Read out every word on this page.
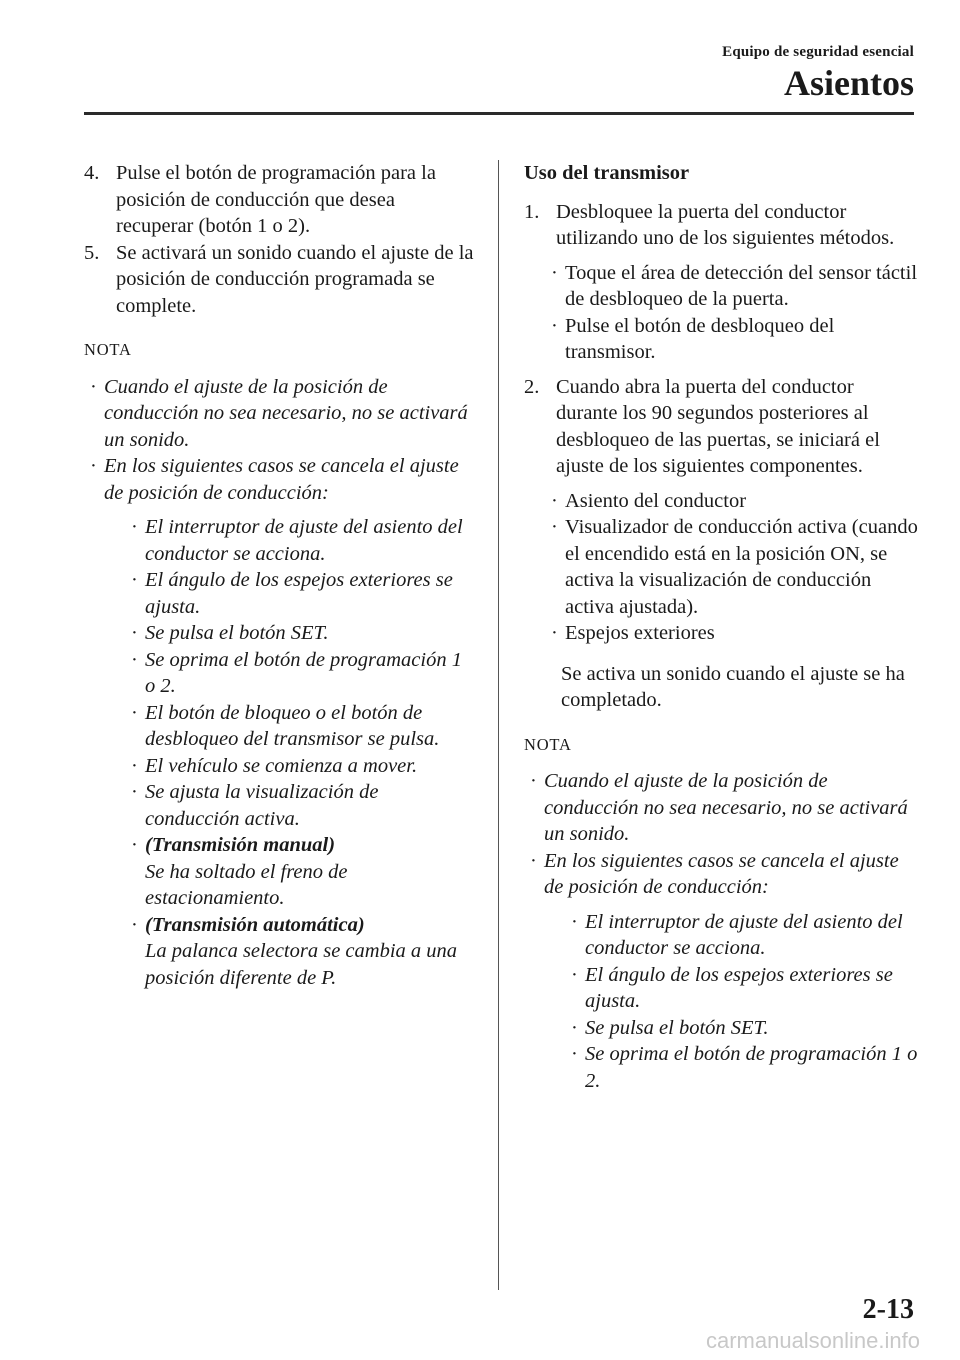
Equipo de seguridad esencial
Asientos
4. Pulse el botón de programación para la posición de conducción que desea recuperar (botón 1 o 2).
5. Se activará un sonido cuando el ajuste de la posición de conducción programada se complete.
NOTA
· Cuando el ajuste de la posición de conducción no sea necesario, no se activará un sonido.
· En los siguientes casos se cancela el ajuste de posición de conducción:
· El interruptor de ajuste del asiento del conductor se acciona.
· El ángulo de los espejos exteriores se ajusta.
· Se pulsa el botón SET.
· Se oprima el botón de programación 1 o 2.
· El botón de bloqueo o el botón de desbloqueo del transmisor se pulsa.
· El vehículo se comienza a mover.
· Se ajusta la visualización de conducción activa.
· (Transmisión manual)
Se ha soltado el freno de estacionamiento.
· (Transmisión automática)
La palanca selectora se cambia a una posición diferente de P.
Uso del transmisor
1. Desbloquee la puerta del conductor utilizando uno de los siguientes métodos.
· Toque el área de detección del sensor táctil de desbloqueo de la puerta.
· Pulse el botón de desbloqueo del transmisor.
2. Cuando abra la puerta del conductor durante los 90 segundos posteriores al desbloqueo de las puertas, se iniciará el ajuste de los siguientes componentes.
· Asiento del conductor
· Visualizador de conducción activa (cuando el encendido está en la posición ON, se activa la visualización de conducción activa ajustada).
· Espejos exteriores
Se activa un sonido cuando el ajuste se ha completado.
NOTA
· Cuando el ajuste de la posición de conducción no sea necesario, no se activará un sonido.
· En los siguientes casos se cancela el ajuste de posición de conducción:
· El interruptor de ajuste del asiento del conductor se acciona.
· El ángulo de los espejos exteriores se ajusta.
· Se pulsa el botón SET.
· Se oprima el botón de programación 1 o 2.
2-13
carmanualsonline.info
